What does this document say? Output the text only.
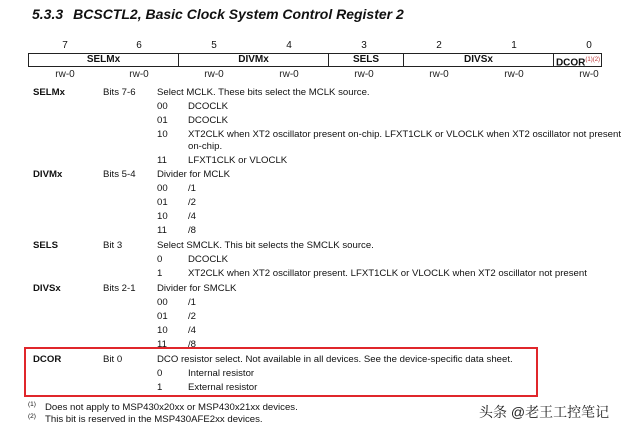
5.3.3 BCSCTL2, Basic Clock System Control Register 2
7	6	5	4	3	2	1	0
SELMx	DIVMx	SELS	DIVSx	$DCOR^{(1)(2)}$
rw-0	rw-0	rw-0	rw-0	rw-0	rw-0	rw-0	rw-0
SELMx	Bits 7-6 Select MCLK. These bits select the MCLK source.
00 DCOCLK
01 DCOCLK
10 XT2CLK when XT2 oscillator present on-chip. LFXT1CLK or VLOCLK when XT2 oscillator not present on-chip.
11 LFXT1CLK or VLOCLK
DIVMx	Bits 5-4 Divider for MCLK
00 /1
01 /2
10 /4
11 /8
SELS	Bit 3	Select SMCLK. This bit selects the SMCLK source.
0	DCOCLK
1	XT2CLK when XT2 oscillator present. LFXT1CLK or VLOCLK when XT2 oscillator not present
DIVSx	Bits 2-1 Divider for SMCLK
00 /1
01 /2
10 /4
11 /8
DCOR	Bit 0	DCO resistor select. Not available in all devices. See the device-specific data sheet.
0	Internal resistor
1	External resistor
(1) Does not apply to MSP430x20xx or MSP430x21xx devices.
(2) This bit is reserved in the MSP430AFE2xx devices.	头条 @老王工控笔记
